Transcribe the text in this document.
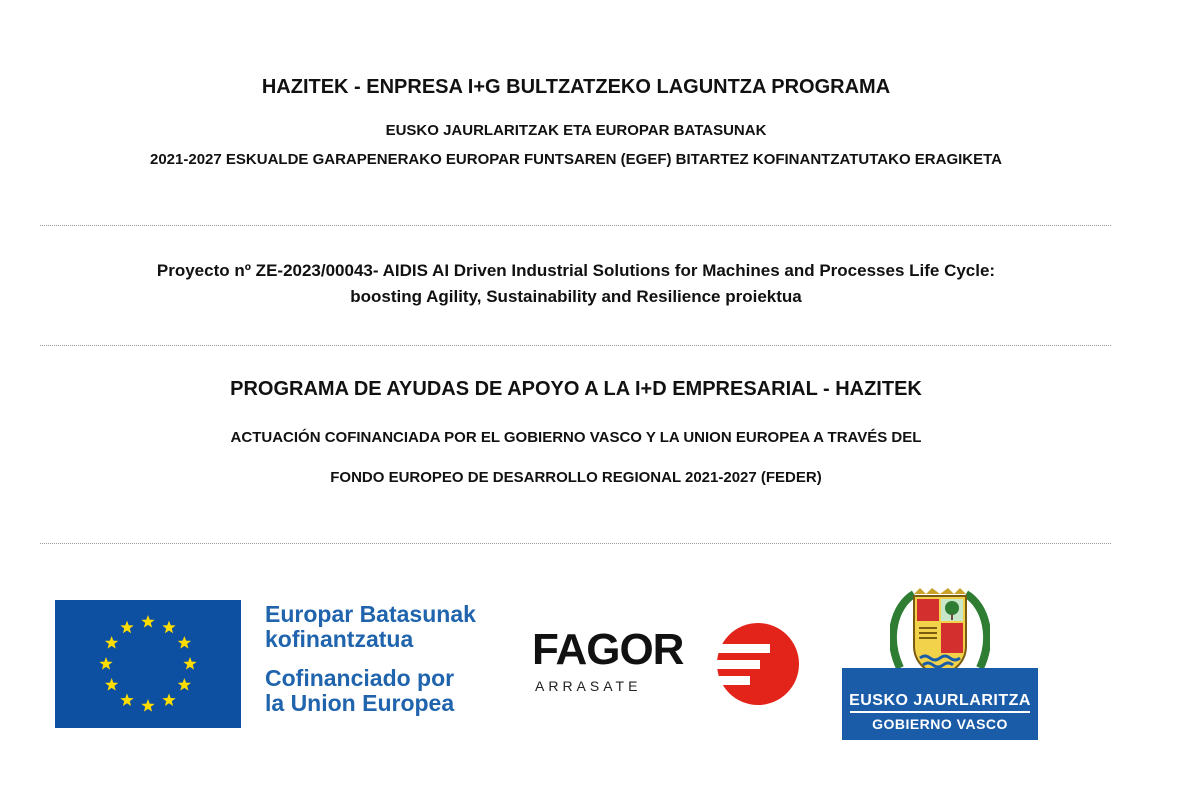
HAZITEK - ENPRESA I+G BULTZATZEKO LAGUNTZA PROGRAMA
EUSKO JAURLARITZAK ETA EUROPAR BATASUNAK
2021-2027 ESKUALDE GARAPENERAKO EUROPAR FUNTSAREN (EGEF) BITARTEZ KOFINANTZATUTAKO ERAGIKETA
Proyecto nº ZE-2023/00043- AIDIS AI Driven Industrial Solutions for Machines and Processes Life Cycle:
boosting Agility, Sustainability and Resilience proiektua
PROGRAMA DE AYUDAS DE APOYO A LA I+D EMPRESARIAL - HAZITEK
ACTUACIÓN COFINANCIADA POR EL GOBIERNO VASCO Y LA UNION EUROPEA A TRAVÉS DEL
FONDO EUROPEO DE DESARROLLO REGIONAL 2021-2027 (FEDER)
Europar Batasunak
kofinantzatua
Cofinanciado por
la Union Europea
FAGOR
ARRASATE
EUSKO JAURLARITZA
GOBIERNO VASCO
